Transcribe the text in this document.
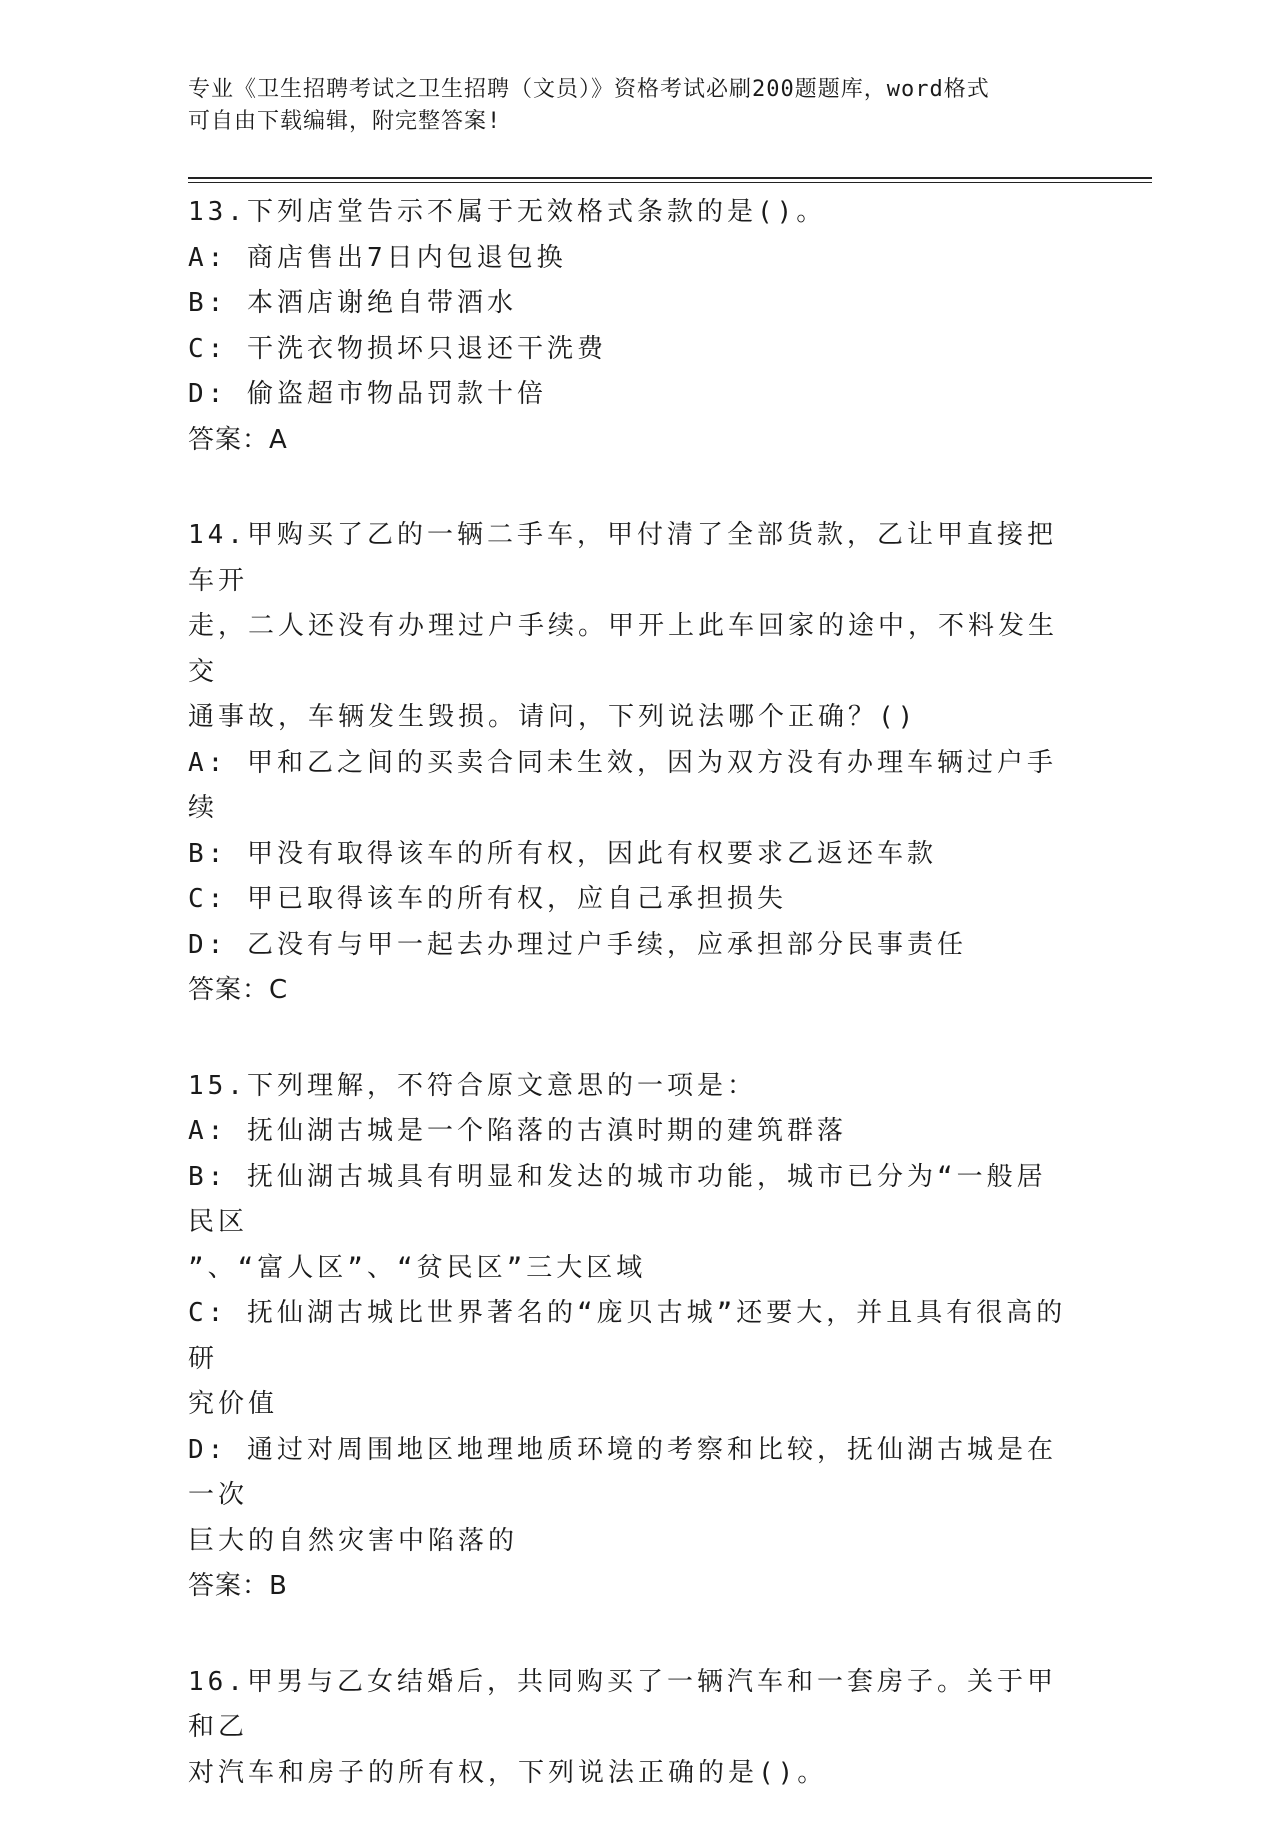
专业《卫生招聘考试之卫生招聘（文员）》资格考试必刷200题题库，word格式
可自由下载编辑，附完整答案!

13.下列店堂告示不属于无效格式条款的是()。

A: 商店售出7日内包退包换

B: 本酒店谢绝自带酒水

C: 干洗衣物损坏只退还干洗费

D: 偷盗超市物品罚款十倍

答案：A

14.甲购买了乙的一辆二手车，甲付清了全部货款，乙让甲直接把车开

走，二人还没有办理过户手续。甲开上此车回家的途中，不料发生交

通事故，车辆发生毁损。请问，下列说法哪个正确？()

A: 甲和乙之间的买卖合同未生效，因为双方没有办理车辆过户手续

B: 甲没有取得该车的所有权，因此有权要求乙返还车款

C: 甲已取得该车的所有权，应自己承担损失

D: 乙没有与甲一起去办理过户手续，应承担部分民事责任

答案：C

15.下列理解，不符合原文意思的一项是：

A: 抚仙湖古城是一个陷落的古滇时期的建筑群落

B: 抚仙湖古城具有明显和发达的城市功能，城市已分为“一般居民区

”、“富人区”、“贫民区”三大区域

C: 抚仙湖古城比世界著名的“庞贝古城”还要大，并且具有很高的研

究价值

D: 通过对周围地区地理地质环境的考察和比较，抚仙湖古城是在一次

巨大的自然灾害中陷落的

答案：B

16.甲男与乙女结婚后，共同购买了一辆汽车和一套房子。关于甲和乙

对汽车和房子的所有权，下列说法正确的是()。
